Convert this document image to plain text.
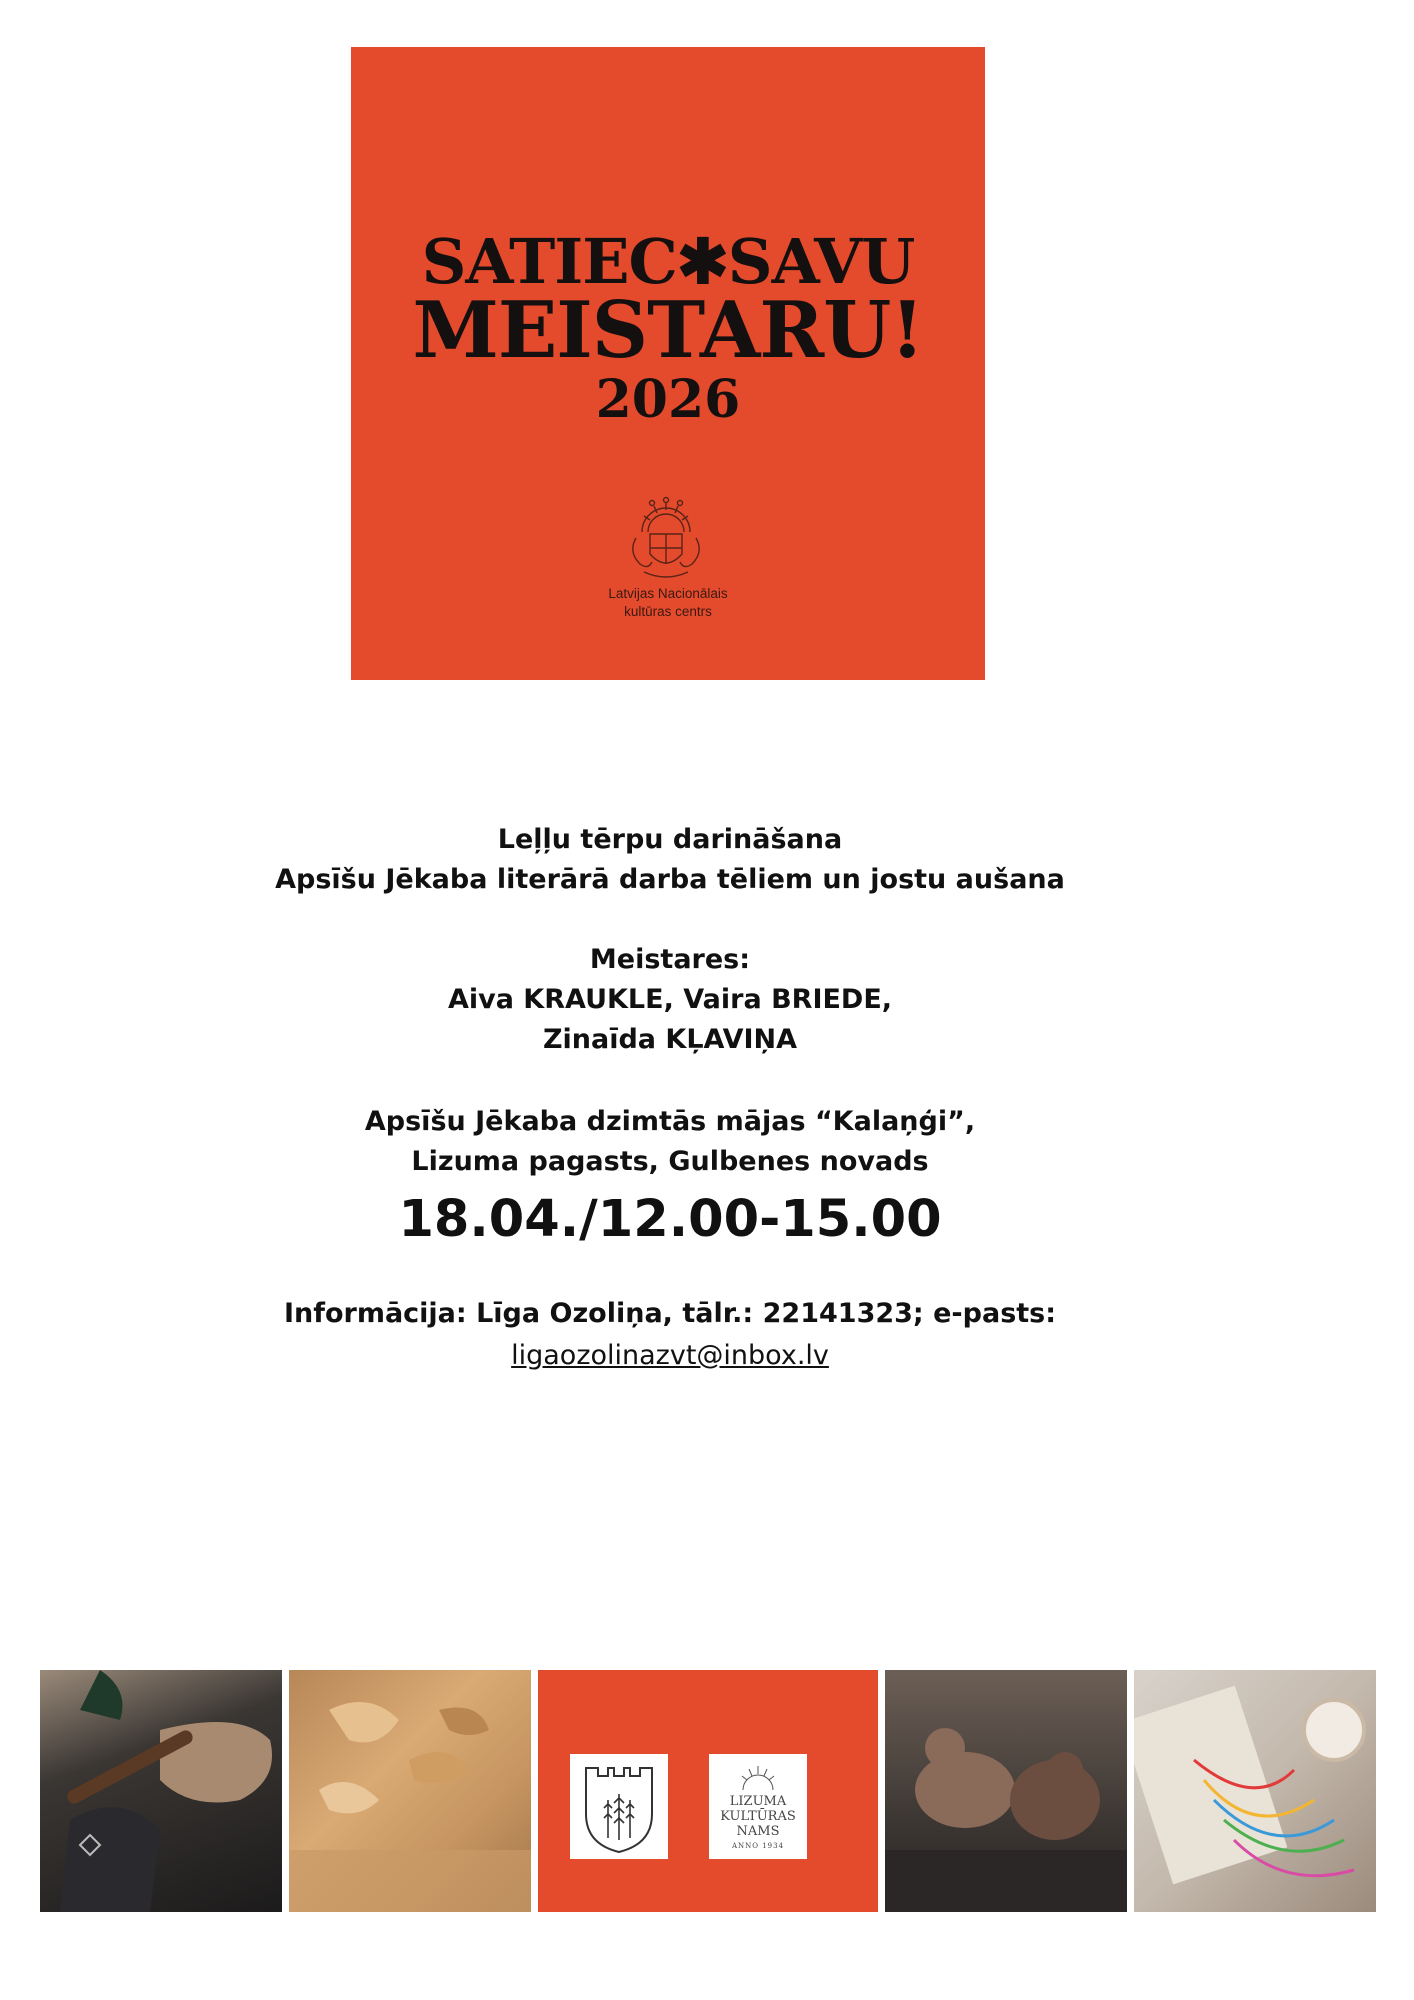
SATIEC✱SAVU
MEISTARU!
2026
Latvijas Nacionālais
kultūras centrs
Leļļu tērpu darināšana
Apsīšu Jēkaba literārā darba tēliem un jostu aušana
Meistares:
Aiva KRAUKLE, Vaira BRIEDE,
Zinaīda KĻAVIŅA
Apsīšu Jēkaba dzimtās mājas “Kalaņģi”,
Lizuma pagasts, Gulbenes novads
18.04./12.00-15.00
Informācija: Līga Ozoliņa, tālr.: 22141323; e-pasts:
ligaozolinazvt@inbox.lv
LIZUMA
KULTŪRAS
NAMS
ANNO 1934
